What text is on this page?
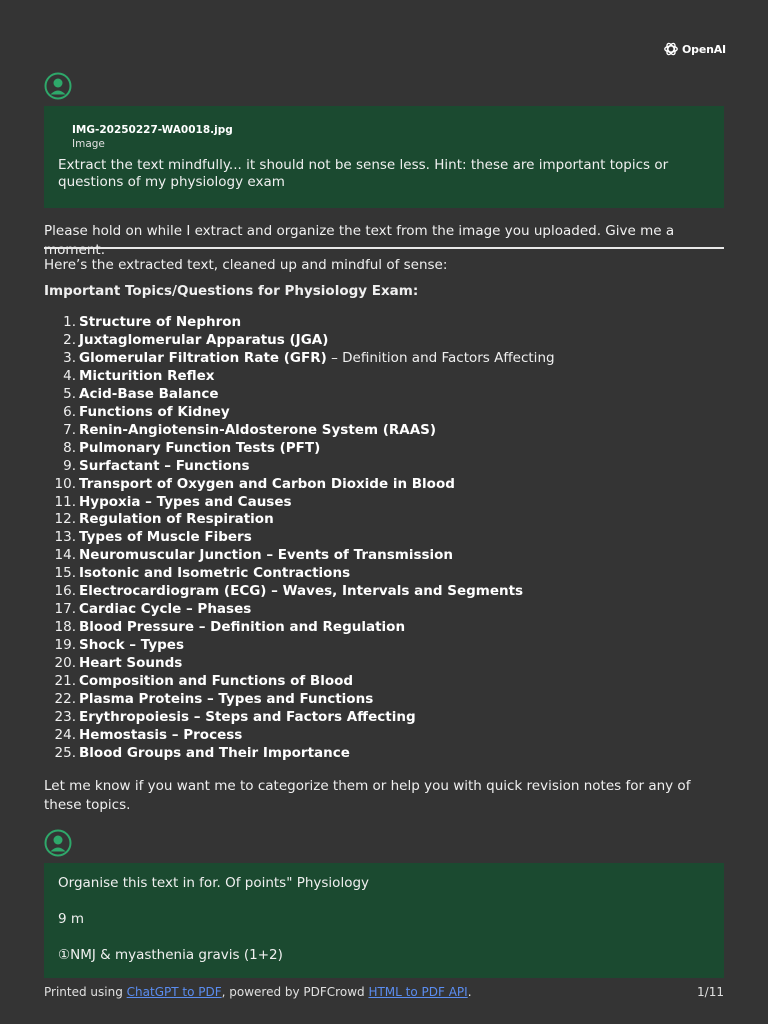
OpenAI
IMG-20250227-WA0018.jpg
Image
Extract the text mindfully... it should not be sense less. Hint: these are important topics or questions of my physiology exam
Please hold on while I extract and organize the text from the image you uploaded. Give me a moment.
Here’s the extracted text, cleaned up and mindful of sense:
Important Topics/Questions for Physiology Exam:
1. Structure of Nephron
2. Juxtaglomerular Apparatus (JGA)
3. Glomerular Filtration Rate (GFR) – Definition and Factors Affecting
4. Micturition Reflex
5. Acid-Base Balance
6. Functions of Kidney
7. Renin-Angiotensin-Aldosterone System (RAAS)
8. Pulmonary Function Tests (PFT)
9. Surfactant – Functions
10. Transport of Oxygen and Carbon Dioxide in Blood
11. Hypoxia – Types and Causes
12. Regulation of Respiration
13. Types of Muscle Fibers
14. Neuromuscular Junction – Events of Transmission
15. Isotonic and Isometric Contractions
16. Electrocardiogram (ECG) – Waves, Intervals and Segments
17. Cardiac Cycle – Phases
18. Blood Pressure – Definition and Regulation
19. Shock – Types
20. Heart Sounds
21. Composition and Functions of Blood
22. Plasma Proteins – Types and Functions
23. Erythropoiesis – Steps and Factors Affecting
24. Hemostasis – Process
25. Blood Groups and Their Importance
Let me know if you want me to categorize them or help you with quick revision notes for any of these topics.
Organise this text in for. Of points" Physiology
9 m
①NMJ & myasthenia gravis (1+2)
Printed using ChatGPT to PDF, powered by PDFCrowd HTML to PDF API.	1/11
